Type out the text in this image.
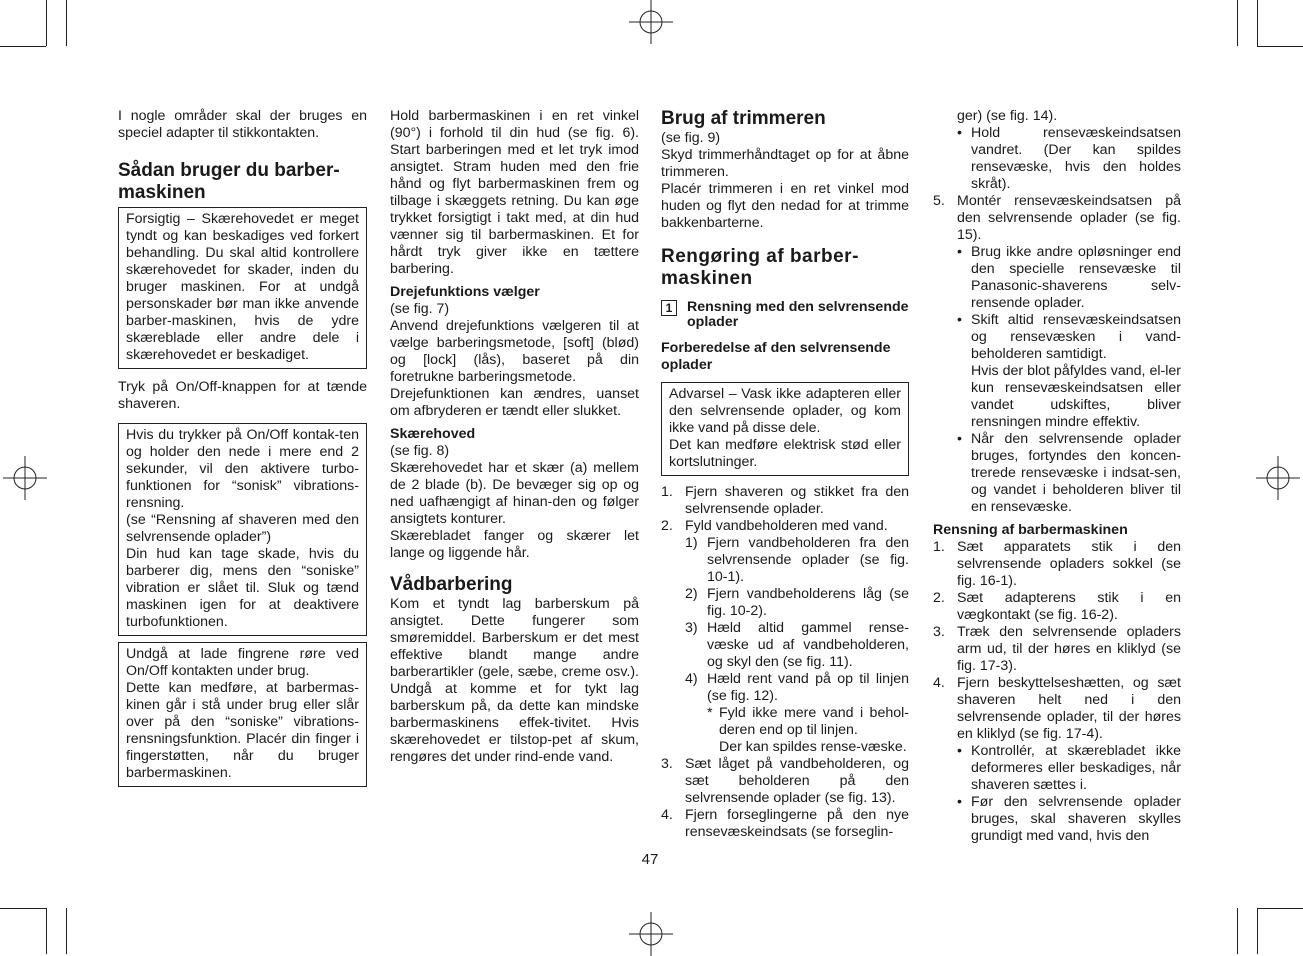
I nogle områder skal der bruges en speciel adapter til stikkontakten.

Sådan bruger du barber-maskinen

Forsigtig – Skærehovedet er meget tyndt og kan beskadiges ved forkert behandling. Du skal altid kontrollere skærehovedet for skader, inden du bruger maskinen. For at undgå personskader bør man ikke anvende barber-maskinen, hvis de ydre skæreblade eller andre dele i skærehovedet er beskadiget.

Tryk på On/Off-knappen for at tænde shaveren.

Hvis du trykker på On/Off kontak-ten og holder den nede i mere end 2 sekunder, vil den aktivere turbo-funktionen for “sonisk” vibrations-rensning.

(se “Rensning af shaveren med den selvrensende oplader”)

Din hud kan tage skade, hvis du barberer dig, mens den “soniske” vibration er slået til. Sluk og tænd maskinen igen for at deaktivere turbofunktionen.

Undgå at lade fingrene røre ved On/Off kontakten under brug.

Dette kan medføre, at barbermas-kinen går i stå under brug eller slår over på den “soniske” vibrations-rensningsfunktion. Placér din finger i fingerstøtten, når du bruger barbermaskinen.

Hold barbermaskinen i en ret vinkel (90°) i forhold til din hud (se fig. 6). Start barberingen med et let tryk imod ansigtet. Stram huden med den frie hånd og flyt barbermaskinen frem og tilbage i skæggets retning. Du kan øge trykket forsigtigt i takt med, at din hud vænner sig til barbermaskinen. Et for hårdt tryk giver ikke en tættere barbering.

Drejefunktions vælger

(se fig. 7)

Anvend drejefunktions vælgeren til at vælge barberingsmetode, [soft] (blød) og [lock] (lås), baseret på din foretrukne barberingsmetode.

Drejefunktionen kan ændres, uanset om afbryderen er tændt eller slukket.

Skærehoved

(se fig. 8)

Skærehovedet har et skær (a) mellem de 2 blade (b). De bevæger sig op og ned uafhængigt af hinan-den og følger ansigtets konturer.

Skærebladet fanger og skærer let lange og liggende hår.

Vådbarbering

Kom et tyndt lag barberskum på ansigtet. Dette fungerer som smøremiddel. Barberskum er det mest effektive blandt mange andre barberartikler (gele, sæbe, creme osv.). Undgå at komme et for tykt lag barberskum på, da dette kan mindske barbermaskinens effek-tivitet. Hvis skærehovedet er tilstop-pet af skum, rengøres det under rind-ende vand.

Brug af trimmeren

(se fig. 9)

Skyd trimmerhåndtaget op for at åbne trimmeren.

Placér trimmeren i en ret vinkel mod huden og flyt den nedad for at trimme bakkenbarterne.

Rengøring af barber-maskinen
1	Rensning med den selvrensende oplader
Forberedelse af den selvrensende oplader

Advarsel – Vask ikke adapteren eller den selvrensende oplader, og kom ikke vand på disse dele.

Det kan medføre elektrisk stød eller kortslutninger.

1. Fjern shaveren og stikket fra den selvrensende oplader.
2. Fyld vandbeholderen med vand.
1) Fjern vandbeholderen fra den selvrensende oplader (se fig. 10-1).
2) Fjern vandbeholderens låg (se fig. 10-2).
3) Hæld altid gammel rense-væske ud af vandbeholderen, og skyl den (se fig. 11).
4) Hæld rent vand på op til linjen (se fig. 12).
* Fyld ikke mere vand i behol-deren end op til linjen.
Der kan spildes rense-væske.
3. Sæt låget på vandbeholderen, og sæt beholderen på den selvrensende oplader (se fig. 13).
4. Fjern forseglingerne på den nye rensevæskeindsats (se forseglin-

ger) (se fig. 14).

• Hold rensevæskeindsatsen vandret. (Der kan spildes rensevæske, hvis den holdes skråt).
5. Montér rensevæskeindsatsen på den selvrensende oplader (se fig. 15).
• Brug ikke andre opløsninger end den specielle rensevæske til Panasonic-shaverens selv-rensende oplader.
• Skift altid rensevæskeindsatsen og rensevæsken i vand-beholderen samtidigt.
Hvis der blot påfyldes vand, el-ler kun rensevæskeindsatsen eller vandet udskiftes, bliver rensningen mindre effektiv.
• Når den selvrensende oplader bruges, fortyndes den koncen-trerede rensevæske i indsat-sen, og vandet i beholderen bliver til en rensevæske.
Rensning af barbermaskinen
1. Sæt apparatets stik i den selvrensende opladers sokkel (se fig. 16-1).
2. Sæt adapterens stik i en vægkontakt (se fig. 16-2).
3. Træk den selvrensende opladers arm ud, til der høres en kliklyd (se fig. 17-3).
4. Fjern beskyttelseshætten, og sæt shaveren helt ned i den selvrensende oplader, til der høres en kliklyd (se fig. 17-4).
• Kontrollér, at skærebladet ikke deformeres eller beskadiges, når shaveren sættes i.
• Før den selvrensende oplader bruges, skal shaveren skylles grundigt med vand, hvis den
47
